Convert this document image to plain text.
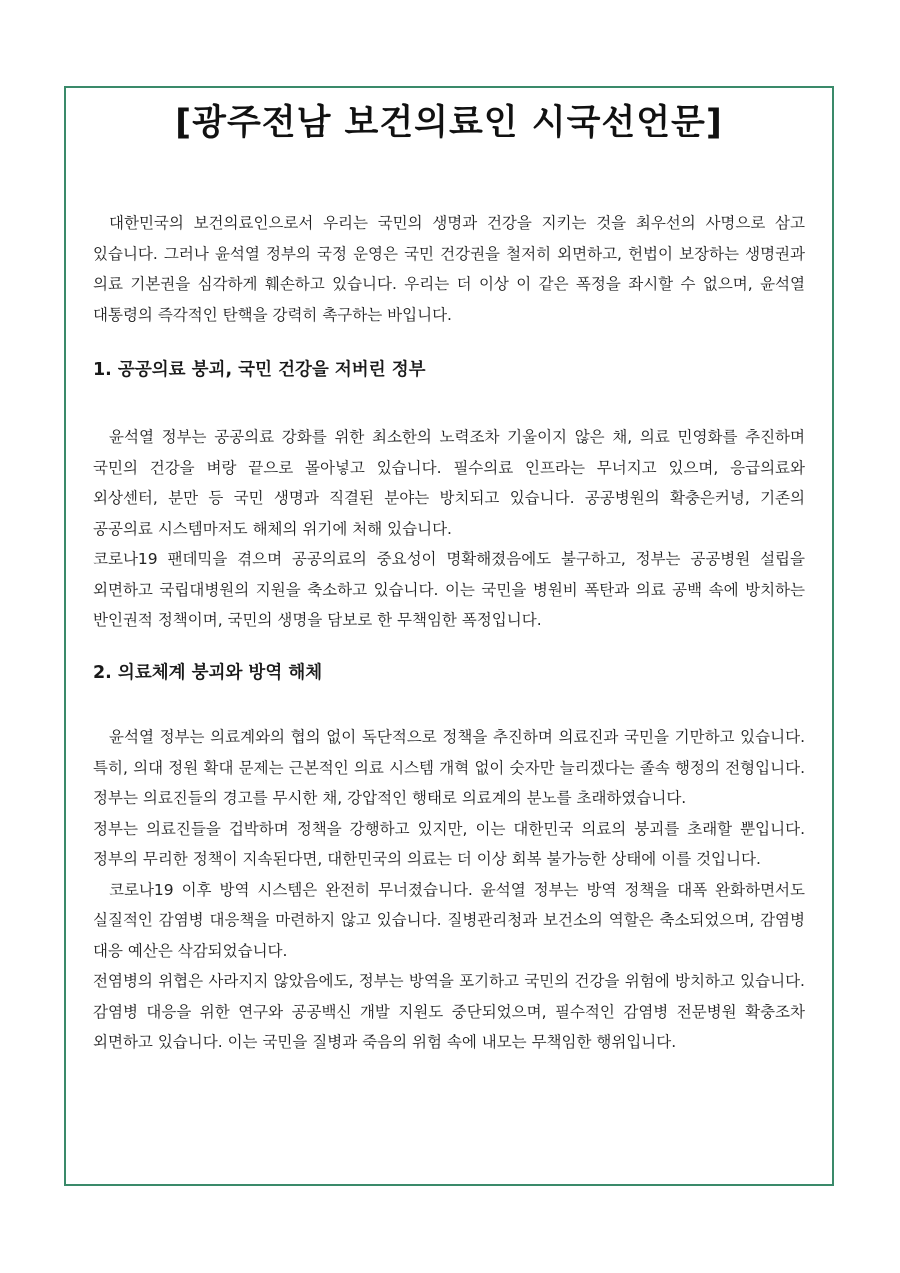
[광주전남 보건의료인 시국선언문]

대한민국의 보건의료인으로서 우리는 국민의 생명과 건강을 지키는 것을 최우선의 사명으로 삼고 있습니다. 그러나 윤석열 정부의 국정 운영은 국민 건강권을 철저히 외면하고, 헌법이 보장하는 생명권과 의료 기본권을 심각하게 훼손하고 있습니다. 우리는 더 이상 이 같은 폭정을 좌시할 수 없으며, 윤석열 대통령의 즉각적인 탄핵을 강력히 촉구하는 바입니다.

1. 공공의료 붕괴, 국민 건강을 저버린 정부

윤석열 정부는 공공의료 강화를 위한 최소한의 노력조차 기울이지 않은 채, 의료 민영화를 추진하며 국민의 건강을 벼랑 끝으로 몰아넣고 있습니다. 필수의료 인프라는 무너지고 있으며, 응급의료와 외상센터, 분만 등 국민 생명과 직결된 분야는 방치되고 있습니다. 공공병원의 확충은커녕, 기존의 공공의료 시스템마저도 해체의 위기에 처해 있습니다.

코로나19 팬데믹을 겪으며 공공의료의 중요성이 명확해졌음에도 불구하고, 정부는 공공병원 설립을 외면하고 국립대병원의 지원을 축소하고 있습니다. 이는 국민을 병원비 폭탄과 의료 공백 속에 방치하는 반인권적 정책이며, 국민의 생명을 담보로 한 무책임한 폭정입니다.

2. 의료체계 붕괴와 방역 해체

윤석열 정부는 의료계와의 협의 없이 독단적으로 정책을 추진하며 의료진과 국민을 기만하고 있습니다. 특히, 의대 정원 확대 문제는 근본적인 의료 시스템 개혁 없이 숫자만 늘리겠다는 졸속 행정의 전형입니다. 정부는 의료진들의 경고를 무시한 채, 강압적인 행태로 의료계의 분노를 초래하였습니다.

정부는 의료진들을 겁박하며 정책을 강행하고 있지만, 이는 대한민국 의료의 붕괴를 초래할 뿐입니다. 정부의 무리한 정책이 지속된다면, 대한민국의 의료는 더 이상 회복 불가능한 상태에 이를 것입니다.

코로나19 이후 방역 시스템은 완전히 무너졌습니다. 윤석열 정부는 방역 정책을 대폭 완화하면서도 실질적인 감염병 대응책을 마련하지 않고 있습니다. 질병관리청과 보건소의 역할은 축소되었으며, 감염병 대응 예산은 삭감되었습니다.

전염병의 위협은 사라지지 않았음에도, 정부는 방역을 포기하고 국민의 건강을 위험에 방치하고 있습니다. 감염병 대응을 위한 연구와 공공백신 개발 지원도 중단되었으며, 필수적인 감염병 전문병원 확충조차 외면하고 있습니다. 이는 국민을 질병과 죽음의 위험 속에 내모는 무책임한 행위입니다.
